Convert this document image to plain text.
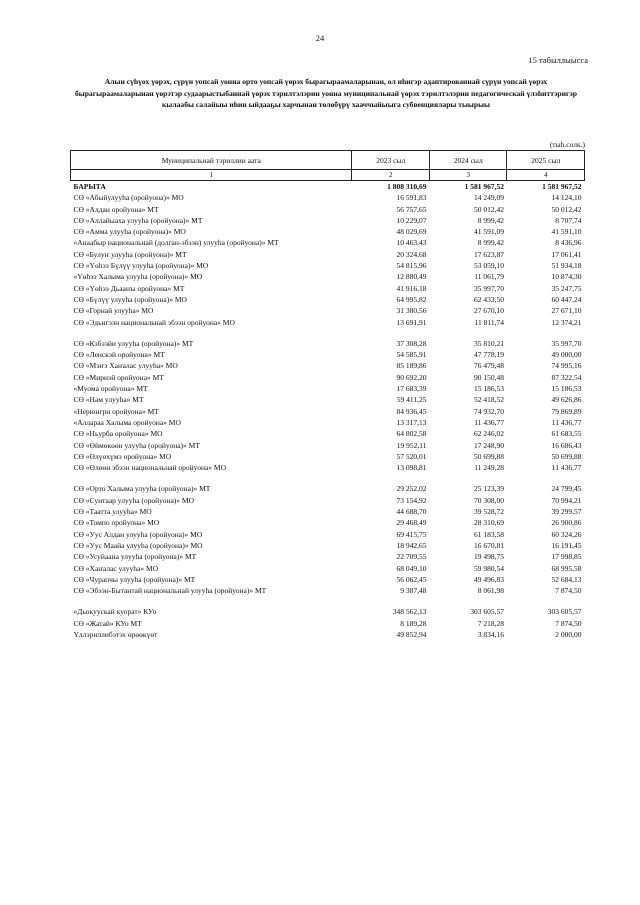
24
15 табыллыысса
Алын сүһүох үөрэх, сүрүн уопсай уонна орто уопсай үөрэх бырагыраамаларынан, ол иһигэр адаптированнай сүрүн уопсай үөрэх бырагыраамаларынан үөрэтэр судаарыстыбаннай үөрэх тэрилтэлэрин уонна муниципальнай үөрэх тэрилтэлэрин педагогическай үлэһиттэригэр кылаабы салайыы иһин ыйдааҕы харчынан төлөбүрү хааччыйыыга субвенциялары тыырыы
(тыһ.солк.)
Муниципальнай тэриллии аата	2023 сыл	2024 сыл	2025 сыл
1	2	3	4
БАРЫТА	1 808 310,69	1 581 967,52	1 581 967,52
СӨ «Абыйулууһа (оройуона)» МО	16 591,83	14 249,09	14 124,10
СӨ «Алдан оройуона» МТ	56 757,65	50 012,42	50 012,42
СӨ «Аллайыаха улууһа (оройуона)» МТ	10 229,07	8 999,42	8 707,74
СӨ «Амма улууһа (оройуона)» МО	48 029,69	41 591,09	41 591,10
«Анаабыр национальнай (долган-эбээн) улууһа (оройуона)» МТ	10 463,43	8 999,42	8 436,96
СӨ «Булуҥ улууһа (оройуона)» МТ	20 324,68	17 623,87	17 061,41
СӨ «Үөһээ Бүлүү улууһа (оройуона)» МО	54 815,96	53 059,10	51 934,18
«Үөһээ Халыма улууһа (оройуона)» МО	12 880,49	11 061,79	10 874,30
СӨ «Үөһээ Дьааҥы оройуона» МТ	41 916,18	35 997,70	35 247,75
СӨ «Бүлүү улууһа (оройуона)» МО	64 995,82	62 433,50	60 447,24
СӨ «Горнай улууһа» МО	31 380,56	27 670,10	27 671,10
СӨ «Эдьигээн национальнай эбээн оройуона» МО	13 691,91	11 811,74	12 374,21

СӨ «Кэбээйи улууһа (оройуона)» МТ	37 308,28	35 810,21	35 997,70
СӨ «Ленскэй оройуона» МТ	54 585,91	47 778,19	49 000,00
СӨ «Мэҥэ Хаҥалас улууһа» МО	85 189,86	76 479,48	74 995,16
СӨ «Мирнэй оройуона» МТ	90 692,20	90 150,48	87 322,54
«Муома оройуона» МТ	17 683,39	15 186,53	15 186,53
СӨ «Нам улууһа» МТ	59 411,25	52 418,52	49 626,86
«Нерюнгри оройуона» МТ	84 936,45	74 932,70	79 869,89
«Аллараа Халыма оройуона» МО	13 317,13	11 436,77	11 436,77
СӨ «Ньурба оройуона» МО	64 802,58	62 246,02	61 683,55
СӨ «Өймөкөөн улууһа (оройуона)» МТ	19 952,11	17 248,90	16 686,43
СӨ «Өлүөхүмэ оройуона» МО	57 520,01	50 699,88	50 699,88
СӨ «Өлөөн эбээн национальнай оройуона» МО	13 098,81	11 249,28	11 436,77

СӨ «Орто Халыма улууһа (оройуона)» МТ	29 252,02	25 123,39	24 799,45
СӨ «Сунтаар улууһа (оройуона)» МО	73 154,92	70 308,00	70 994,21
СӨ «Таатта улууһа» МО	44 688,70	39 528,72	39 299,57
СӨ «Томпо оройуона» МО	29 468,49	28 310,69	26 900,86
СӨ «Уус Алдан улууһа (оройуона)» МО	69 415,75	61 183,58	60 324,26
СӨ «Уус Маайа улууһа (оройуона)» МО	18 942,65	16 670,81	16 191,45
СӨ «Усуйаана улууһа (оройуона)» МТ	22 709,55	19 498,75	17 998,85
СӨ «Хаҥалас улууһа» МО	68 049,10	59 980,54	68 995,58
СӨ «Чурапчы улууһа (оройуона)» МТ	56 062,45	49 496,83	52 684,13
СӨ «Эбээн-Бытантай национальнай улууһа (оройуона)» МТ	9 387,48	8 061,98	7 874,50

«Дьокуускай куорат» КУо	348 562,13	303 605,57	303 605,57
СӨ «Жатай» КУо МТ	8 189,28	7 218,28	7 874,50
Үллэриллибэтэх өрөөкүөт	49 852,94	3 834,16	2 000,00
